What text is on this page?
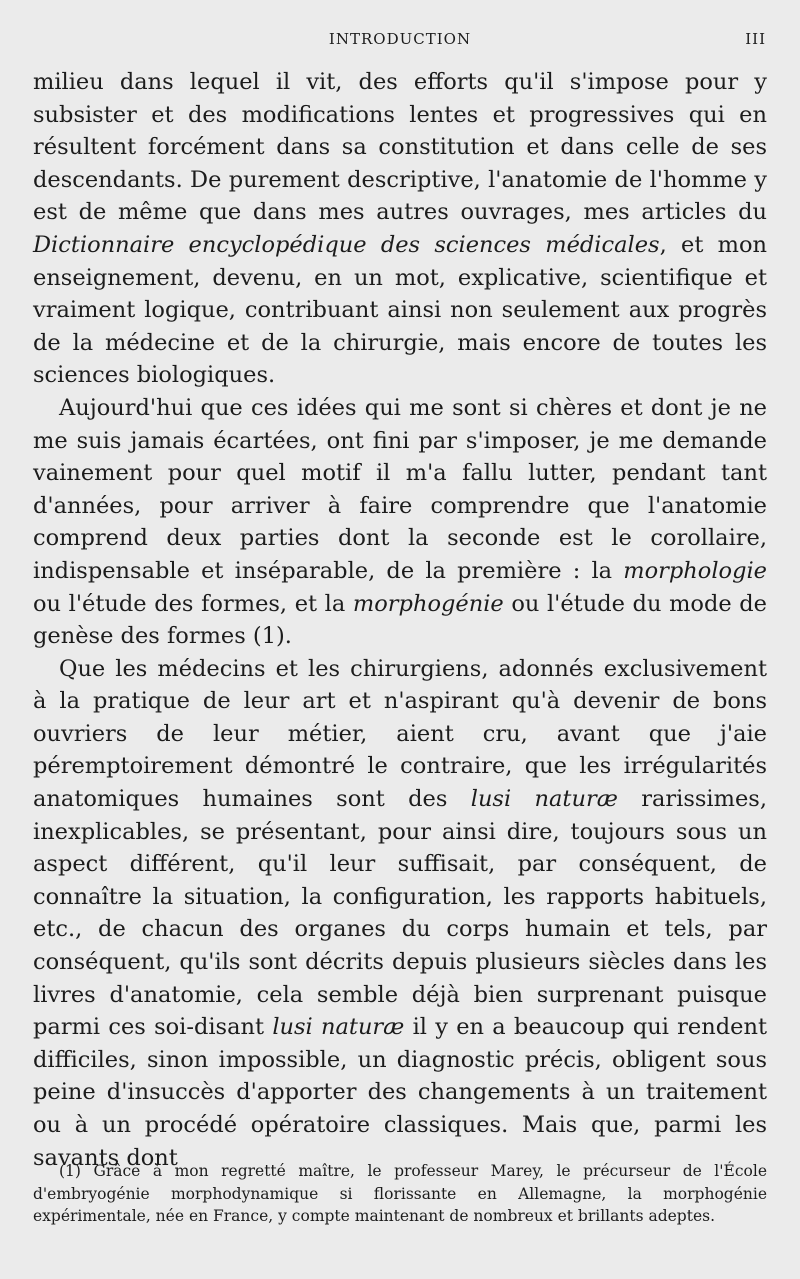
INTRODUCTION	III

milieu dans lequel il vit, des efforts qu'il s'impose pour y subsister et des modifications lentes et progressives qui en résultent forcément dans sa constitution et dans celle de ses descendants. De purement descriptive, l'anatomie de l'homme y est de même que dans mes autres ouvrages, mes articles du Dictionnaire encyclopédique des sciences médicales, et mon enseignement, devenu, en un mot, explicative, scientifique et vraiment logique, contribuant ainsi non seulement aux progrès de la médecine et de la chirurgie, mais encore de toutes les sciences biologiques.

Aujourd'hui que ces idées qui me sont si chères et dont je ne me suis jamais écartées, ont fini par s'imposer, je me demande vainement pour quel motif il m'a fallu lutter, pendant tant d'années, pour arriver à faire comprendre que l'anatomie comprend deux parties dont la seconde est le corollaire, indispensable et inséparable, de la première : la morphologie ou l'étude des formes, et la morphogénie ou l'étude du mode de genèse des formes (1).

Que les médecins et les chirurgiens, adonnés exclusivement à la pratique de leur art et n'aspirant qu'à devenir de bons ouvriers de leur métier, aient cru, avant que j'aie péremptoirement démontré le contraire, que les irrégularités anatomiques humaines sont des lusi naturæ rarissimes, inexplicables, se présentant, pour ainsi dire, toujours sous un aspect différent, qu'il leur suffisait, par conséquent, de connaître la situation, la configuration, les rapports habituels, etc., de chacun des organes du corps humain et tels, par conséquent, qu'ils sont décrits depuis plusieurs siècles dans les livres d'anatomie, cela semble déjà bien surprenant puisque parmi ces soi-disant lusi naturæ il y en a beaucoup qui rendent difficiles, sinon impossible, un diagnostic précis, obligent sous peine d'insuccès d'apporter des changements à un traitement ou à un procédé opératoire classiques. Mais que, parmi les savants dont

(1) Grâce à mon regretté maître, le professeur Marey, le précurseur de l'École d'embryogénie morphodynamique si florissante en Allemagne, la morphogénie expérimentale, née en France, y compte maintenant de nombreux et brillants adeptes.
